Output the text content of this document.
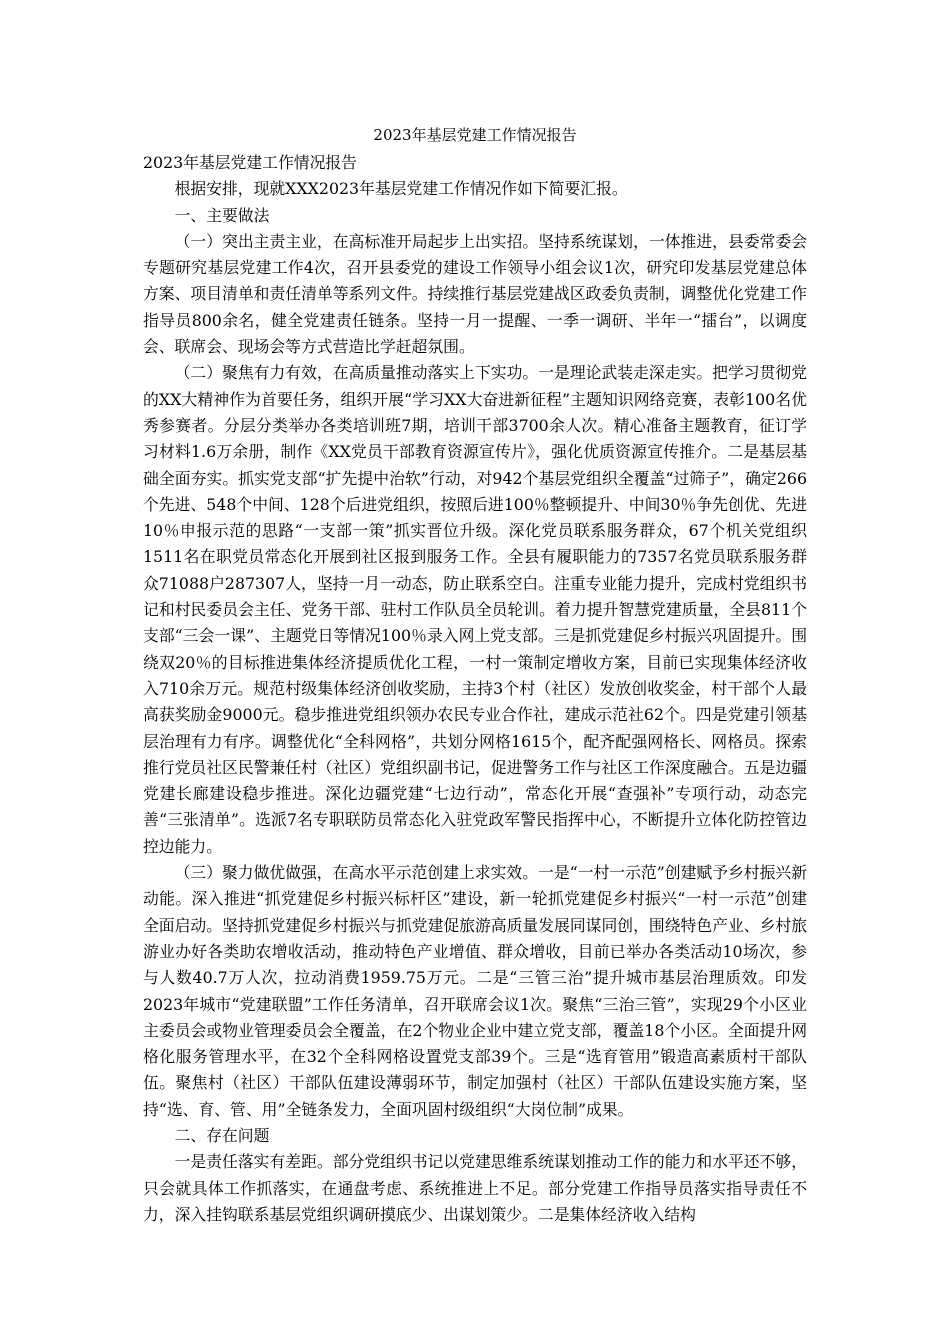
2023年基层党建工作情况报告

2023年基层党建工作情况报告

根据安排，现就XXX2023年基层党建工作情况作如下简要汇报。

一、主要做法

（一）突出主责主业，在高标准开局起步上出实招。坚持系统谋划，一体推进，县委常委会专题研究基层党建工作4次，召开县委党的建设工作领导小组会议1次，研究印发基层党建总体方案、项目清单和责任清单等系列文件。持续推行基层党建战区政委负责制，调整优化党建工作指导员800余名，健全党建责任链条。坚持一月一提醒、一季一调研、半年一“擂台”，以调度会、联席会、现场会等方式营造比学赶超氛围。

（二）聚焦有力有效，在高质量推动落实上下实功。一是理论武装走深走实。把学习贯彻党的XX大精神作为首要任务，组织开展“学习XX大奋进新征程”主题知识网络竞赛，表彰100名优秀参赛者。分层分类举办各类培训班7期，培训干部3700余人次。精心准备主题教育，征订学习材料1.6万余册，制作《XX党员干部教育资源宣传片》，强化优质资源宣传推介。二是基层基础全面夯实。抓实党支部“扩先提中治软”行动，对942个基层党组织全覆盖“过筛子”，确定266个先进、548个中间、128个后进党组织，按照后进100％整顿提升、中间30％争先创优、先进10％申报示范的思路“一支部一策”抓实晋位升级。深化党员联系服务群众，67个机关党组织1511名在职党员常态化开展到社区报到服务工作。全县有履职能力的7357名党员联系服务群众71088户287307人，坚持一月一动态，防止联系空白。注重专业能力提升，完成村党组织书记和村民委员会主任、党务干部、驻村工作队员全员轮训。着力提升智慧党建质量，全县811个支部“三会一课”、主题党日等情况100％录入网上党支部。三是抓党建促乡村振兴巩固提升。围绕双20％的目标推进集体经济提质优化工程，一村一策制定增收方案，目前已实现集体经济收入710余万元。规范村级集体经济创收奖励，主持3个村（社区）发放创收奖金，村干部个人最高获奖励金9000元。稳步推进党组织领办农民专业合作社，建成示范社62个。四是党建引领基层治理有力有序。调整优化“全科网格”，共划分网格1615个，配齐配强网格长、网格员。探索推行党员社区民警兼任村（社区）党组织副书记，促进警务工作与社区工作深度融合。五是边疆党建长廊建设稳步推进。深化边疆党建“七边行动”，常态化开展“查强补”专项行动，动态完善“三张清单”。选派7名专职联防员常态化入驻党政军警民指挥中心，不断提升立体化防控管边控边能力。

（三）聚力做优做强，在高水平示范创建上求实效。一是“一村一示范”创建赋予乡村振兴新动能。深入推进“抓党建促乡村振兴标杆区”建设，新一轮抓党建促乡村振兴“一村一示范”创建全面启动。坚持抓党建促乡村振兴与抓党建促旅游高质量发展同谋同创，围绕特色产业、乡村旅游业办好各类助农增收活动，推动特色产业增值、群众增收，目前已举办各类活动10场次，参与人数40.7万人次，拉动消费1959.75万元。二是“三管三治”提升城市基层治理质效。印发2023年城市“党建联盟”工作任务清单，召开联席会议1次。聚焦“三治三管”，实现29个小区业主委员会或物业管理委员会全覆盖，在2个物业企业中建立党支部，覆盖18个小区。全面提升网格化服务管理水平，在32个全科网格设置党支部39个。三是“选育管用”锻造高素质村干部队伍。聚焦村（社区）干部队伍建设薄弱环节，制定加强村（社区）干部队伍建设实施方案，坚持“选、育、管、用”全链条发力，全面巩固村级组织“大岗位制”成果。

二、存在问题

一是责任落实有差距。部分党组织书记以党建思维系统谋划推动工作的能力和水平还不够，只会就具体工作抓落实，在通盘考虑、系统推进上不足。部分党建工作指导员落实指导责任不力，深入挂钩联系基层党组织调研摸底少、出谋划策少。二是集体经济收入结构
